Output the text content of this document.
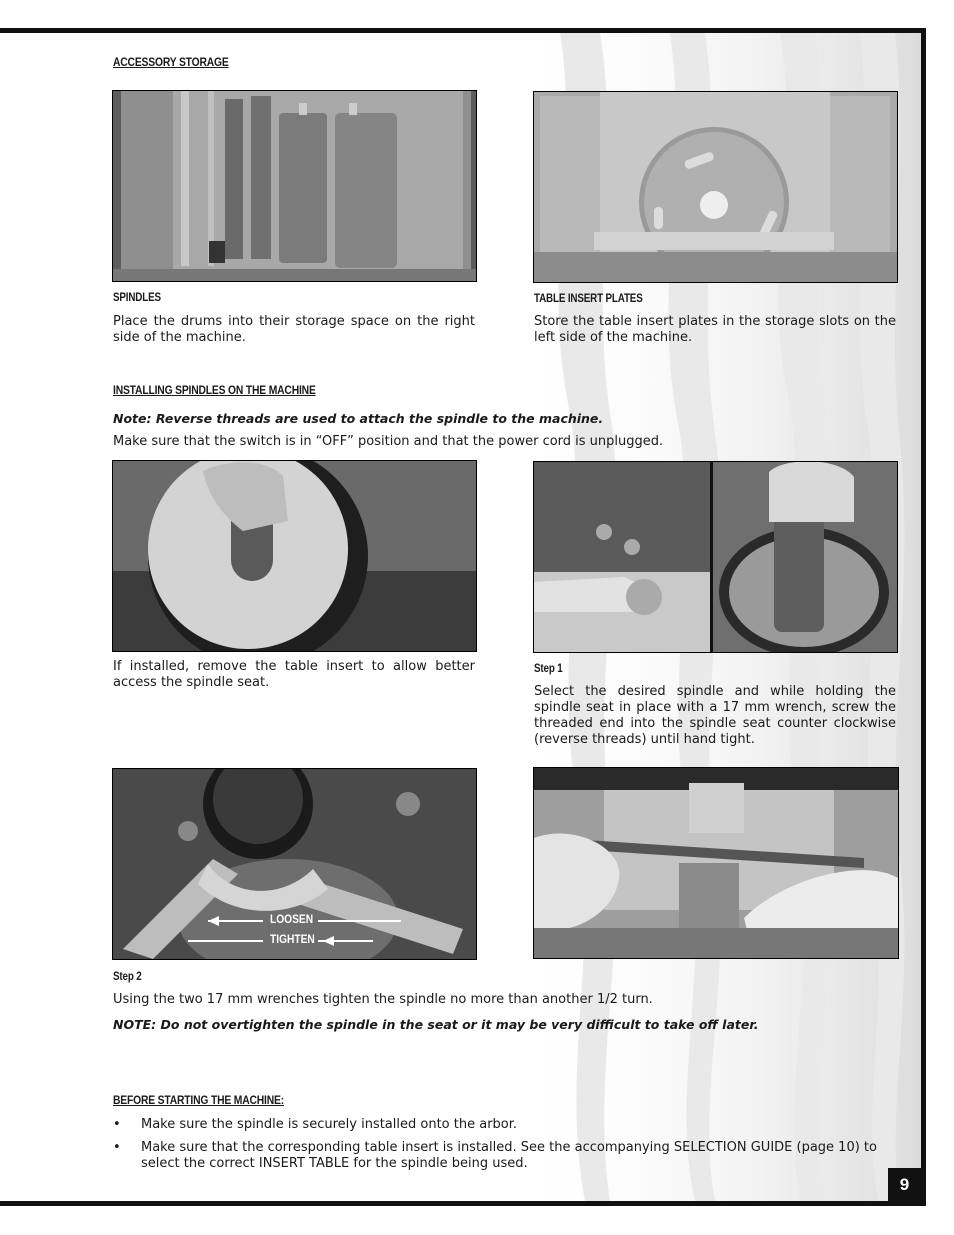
ACCESSORY STORAGE
SPINDLES
Place the drums into their storage space on the right side of the machine.
TABLE INSERT PLATES
Store the table insert plates in the storage slots on the left side of the machine.
INSTALLING SPINDLES ON THE MACHINE
Note: Reverse threads are used to attach the spindle to the machine.
Make sure that the switch is in “OFF” position and that the power cord is unplugged.
If installed, remove the table insert to allow better access the spindle seat.
Step 1
Select the desired spindle and while holding the spindle seat in place with a 17 mm wrench, screw the threaded end into the spindle seat counter clockwise (reverse threads) until hand tight.
LOOSEN
TIGHTEN
Step 2
Using the two 17 mm wrenches tighten the spindle no more than another 1/2 turn.
NOTE: Do not overtighten the spindle in the seat or it may be very difficult to take off later.
BEFORE STARTING THE MACHINE:
• Make sure the spindle is securely installed onto the arbor.
• Make sure that the corresponding table insert is installed. See the accompanying SELECTION GUIDE (page 10) to select the correct INSERT TABLE for the spindle being used.
9
